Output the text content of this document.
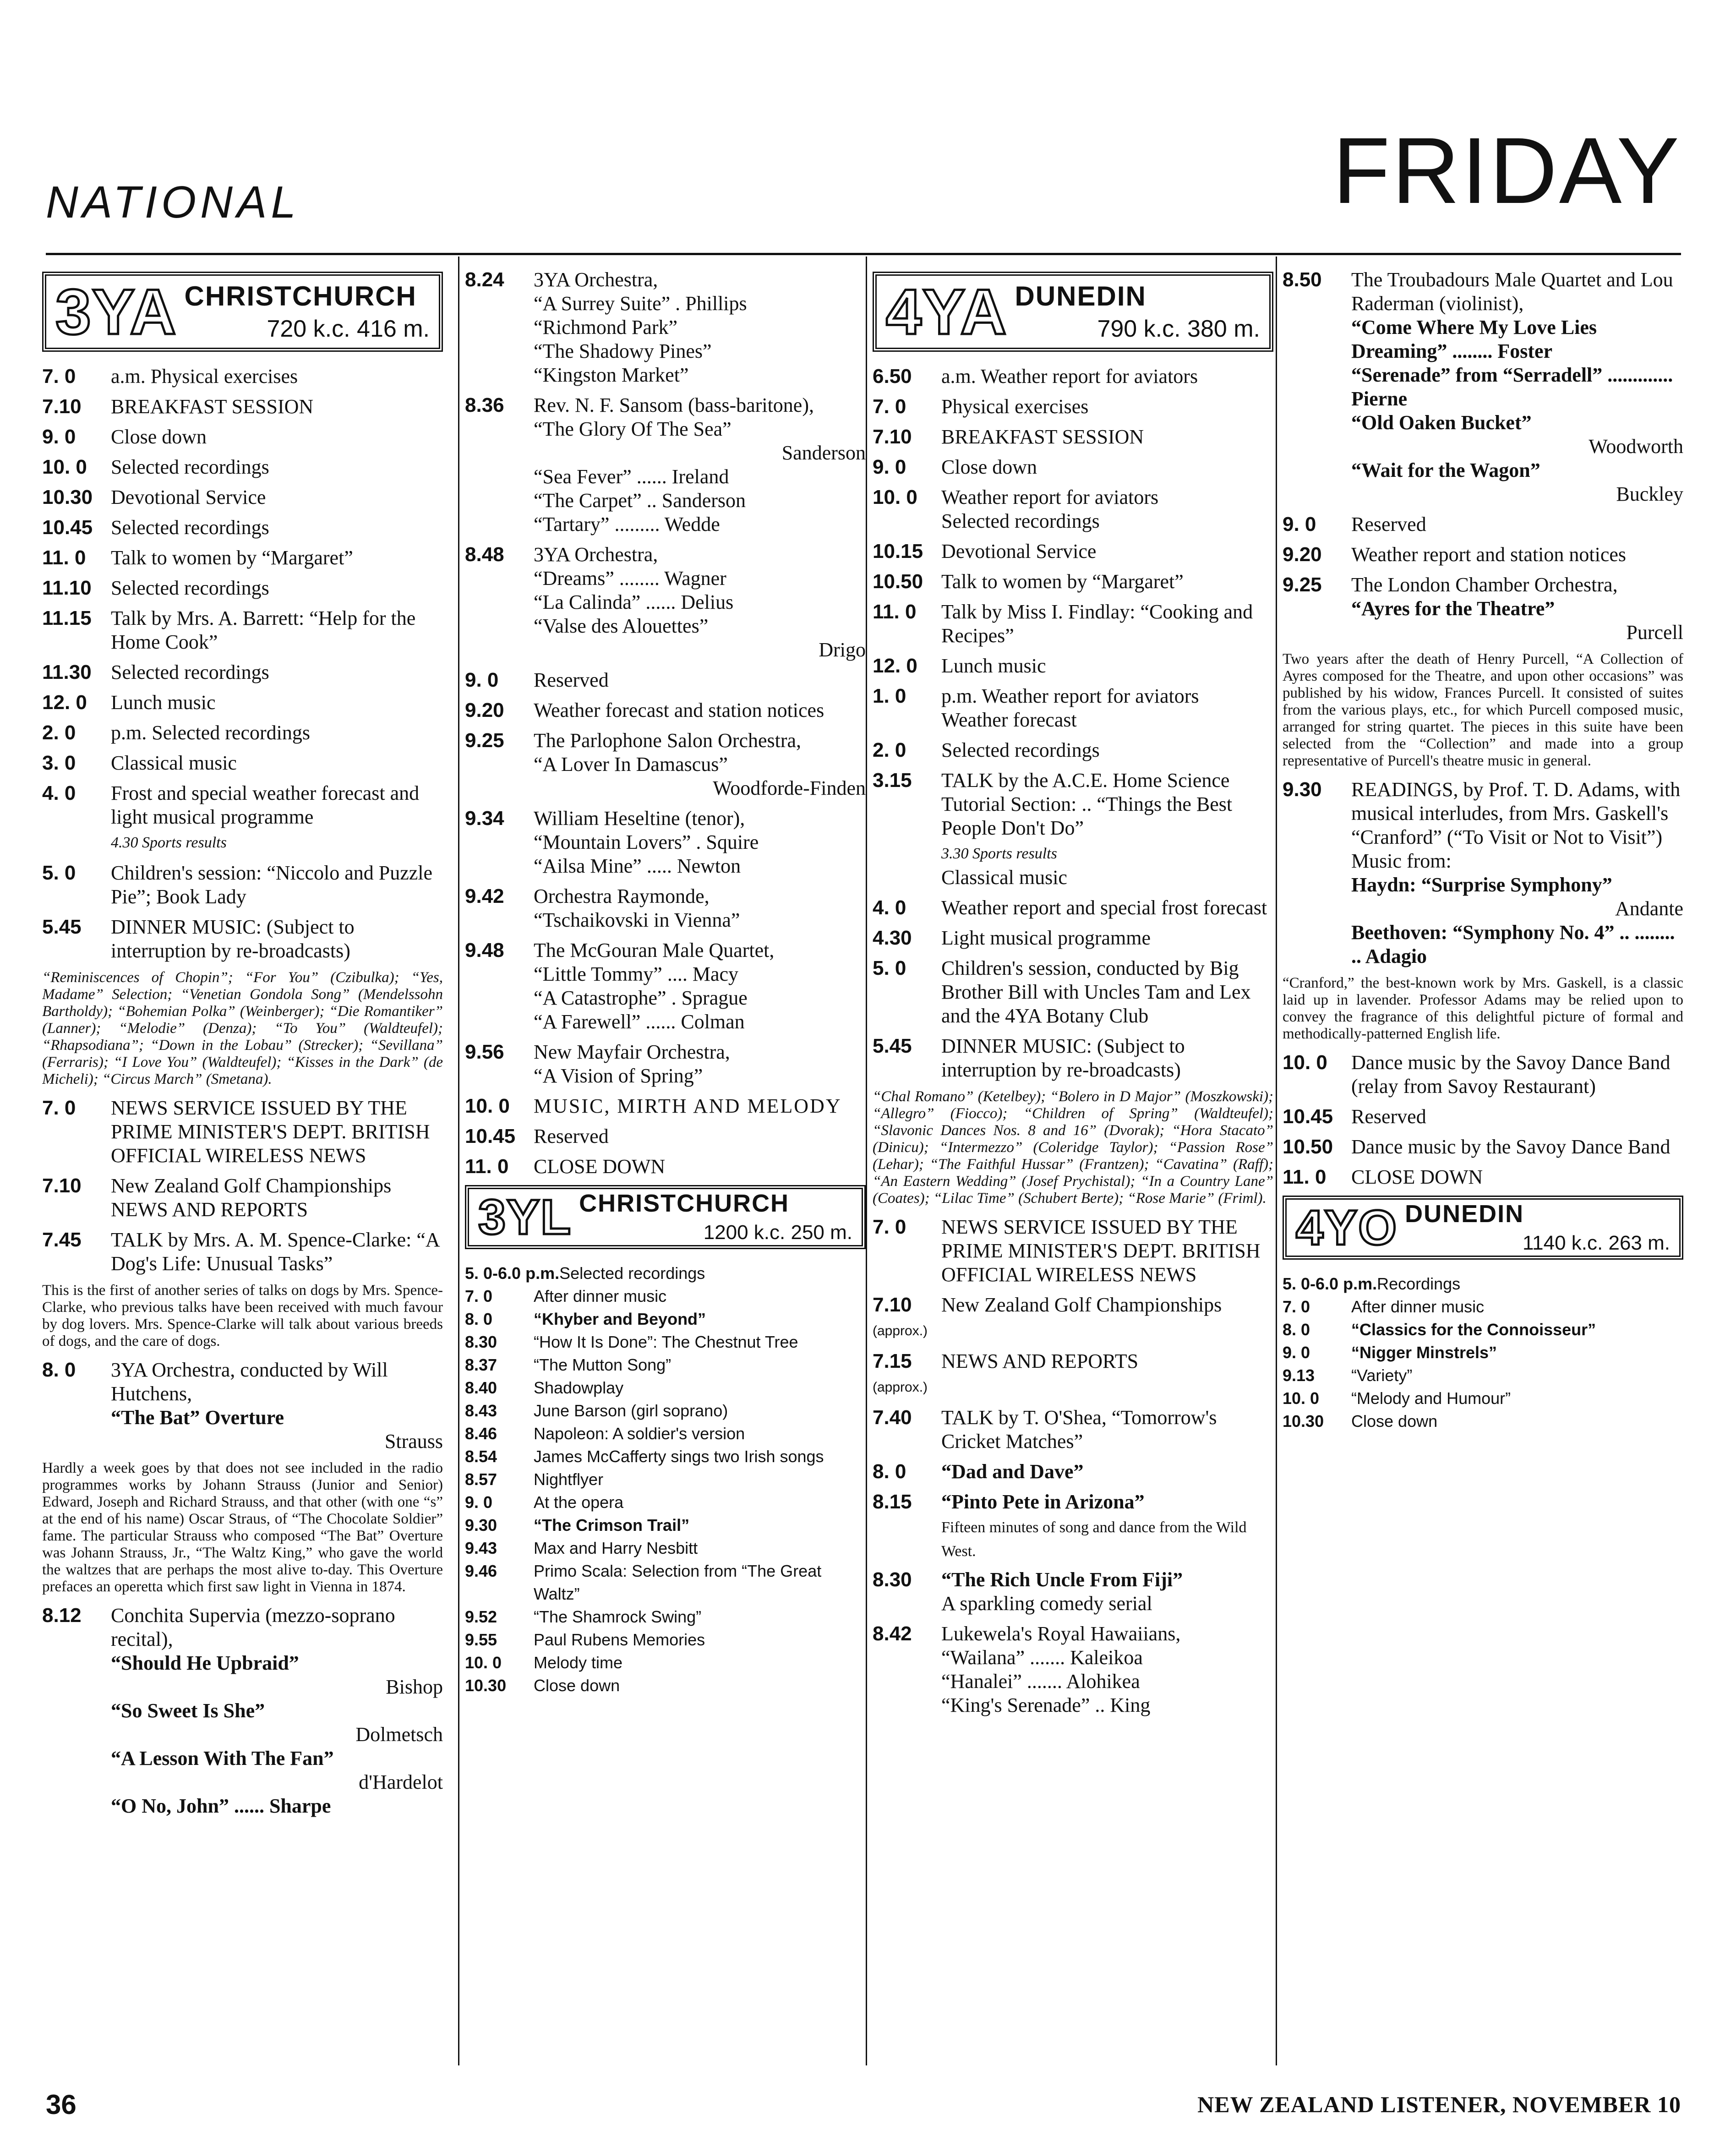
NATIONAL	FRIDAY
3YA CHRISTCHURCH
720 k.c. 416 m.
7. 0	a.m. Physical exercises
7.10	BREAKFAST SESSION
9. 0	Close down
10. 0	Selected recordings
10.30 Devotional Service
10.45 Selected recordings
11. 0	Talk to women by “Margaret”
11.10 Selected recordings
11.15 Talk by Mrs. A. Barrett: “Help for the Home Cook”
11.30 Selected recordings
12. 0	Lunch music
2. 0	p.m. Selected recordings
3. 0	Classical music
4. 0	Frost and special weather forecast and light musical programme
4.30 Sports results
5. 0	Children's session: “Niccolo and Puzzle Pie”; Book Lady
5.45	DINNER MUSIC: (Subject to interruption by re-broadcasts)

“Reminiscences of Chopin”; “For You” (Czibulka); “Yes, Madame” Selection; “Venetian Gondola Song” (Mendelssohn Bartholdy); “Bohemian Polka” (Weinberger); “Die Romantiker” (Lanner); “Melodie” (Denza); “To You” (Waldteufel); “Rhapsodiana”; “Down in the Lobau” (Strecker); “Sevillana” (Ferraris); “I Love You” (Waldteufel); “Kisses in the Dark” (de Micheli); “Circus March” (Smetana).

7. 0	NEWS SERVICE ISSUED BY THE PRIME MINISTER'S DEPT. BRITISH OFFICIAL WIRELESS NEWS
7.10	New Zealand Golf Championships
NEWS AND REPORTS
7.45	TALK by Mrs. A. M. Spence-Clarke: “A Dog's Life: Unusual Tasks”

This is the first of another series of talks on dogs by Mrs. Spence-Clarke, who previous talks have been received with much favour by dog lovers. Mrs. Spence-Clarke will talk about various breeds of dogs, and the care of dogs.

8. 0	3YA Orchestra, conducted by Will Hutchens,
“The Bat” Overture
Strauss

Hardly a week goes by that does not see included in the radio programmes works by Johann Strauss (Junior and Senior) Edward, Joseph and Richard Strauss, and that other (with one “s” at the end of his name) Oscar Straus, of “The Chocolate Soldier” fame. The particular Strauss who composed “The Bat” Overture was Johann Strauss, Jr., “The Waltz King,” who gave the world the waltzes that are perhaps the most alive to-day. This Overture prefaces an operetta which first saw light in Vienna in 1874.

8.12	Conchita Supervia (mezzo-soprano recital),
“Should He Upbraid”
Bishop
“So Sweet Is She”
Dolmetsch
“A Lesson With The Fan”
d'Hardelot
“O No, John” ...... Sharpe
8.24	3YA Orchestra,
“A Surrey Suite” . Phillips
“Richmond Park”
“The Shadowy Pines”
“Kingston Market”
8.36	Rev. N. F. Sansom (bass-baritone),
“The Glory Of The Sea”
Sanderson
“Sea Fever” ...... Ireland
“The Carpet” .. Sanderson
“Tartary” ......... Wedde
8.48	3YA Orchestra,
“Dreams” ........ Wagner
“La Calinda” ...... Delius
“Valse des Alouettes”
Drigo
9. 0	Reserved
9.20	Weather forecast and station notices
9.25	The Parlophone Salon Orchestra,
“A Lover In Damascus”
Woodforde-Finden
9.34	William Heseltine (tenor),
“Mountain Lovers” . Squire
“Ailsa Mine” ..... Newton
9.42	Orchestra Raymonde,
“Tschaikovski in Vienna”
9.48	The McGouran Male Quartet,
“Little Tommy” .... Macy
“A Catastrophe” . Sprague
“A Farewell” ...... Colman
9.56	New Mayfair Orchestra,
“A Vision of Spring”
10. 0	MUSIC, MIRTH AND MELODY
10.45 Reserved
11. 0	CLOSE DOWN
3YL CHRISTCHURCH
1200 k.c. 250 m.
5. 0-6.0 p.m. Selected recordings
7. 0	After dinner music
8. 0	“Khyber and Beyond”
8.30	“How It Is Done”: The Chestnut Tree
8.37	“The Mutton Song”
8.40	Shadowplay
8.43	June Barson (girl soprano)
8.46	Napoleon: A soldier's version
8.54	James McCafferty sings two Irish songs
8.57	Nightflyer
9. 0	At the opera
9.30	“The Crimson Trail”
9.43	Max and Harry Nesbitt
9.46	Primo Scala: Selection from “The Great Waltz”
9.52	“The Shamrock Swing”
9.55	Paul Rubens Memories
10. 0	Melody time
10.30	Close down
4YA DUNEDIN
790 k.c. 380 m.
6.50	a.m. Weather report for aviators
7. 0	Physical exercises
7.10	BREAKFAST SESSION
9. 0	Close down
10. 0	Weather report for aviators
Selected recordings
10.15 Devotional Service
10.50 Talk to women by “Margaret”
11. 0	Talk by Miss I. Findlay: “Cooking and Recipes”
12. 0	Lunch music
1. 0	p.m. Weather report for aviators
Weather forecast
2. 0	Selected recordings
3.15	TALK by the A.C.E. Home Science Tutorial Section: .. “Things the Best People Don't Do”
3.30 Sports results
Classical music
4. 0	Weather report and special frost forecast
4.30	Light musical programme
5. 0	Children's session, conducted by Big Brother Bill with Uncles Tam and Lex and the 4YA Botany Club
5.45	DINNER MUSIC: (Subject to interruption by re-broadcasts)

“Chal Romano” (Ketelbey); “Bolero in D Major” (Moszkowski); “Allegro” (Fiocco); “Children of Spring” (Waldteufel); “Slavonic Dances Nos. 8 and 16” (Dvorak); “Hora Stacato” (Dinicu); “Intermezzo” (Coleridge Taylor); “Passion Rose” (Lehar); “The Faithful Hussar” (Frantzen); “Cavatina” (Raff); “An Eastern Wedding” (Josef Prychistal); “In a Country Lane” (Coates); “Lilac Time” (Schubert Berte); “Rose Marie” (Friml).

7. 0	NEWS SERVICE ISSUED BY THE PRIME MINISTER'S DEPT. BRITISH OFFICIAL WIRELESS NEWS
7.10
(approx.)
New Zealand Golf Championships
7.15
(approx.)
NEWS AND REPORTS
7.40	TALK by T. O'Shea, “Tomorrow's Cricket Matches”
8. 0	“Dad and Dave”
8.15	“Pinto Pete in Arizona”
Fifteen minutes of song and dance from the Wild West.
8.30	“The Rich Uncle From Fiji”
A sparkling comedy serial
8.42	Lukewela's Royal Hawaiians,
“Wailana” ....... Kaleikoa
“Hanalei” ....... Alohikea
“King's Serenade” .. King
8.50	The Troubadours Male Quartet and Lou Raderman (violinist),
“Come Where My Love Lies Dreaming” ........ Foster
“Serenade” from “Serradell” ............. Pierne
“Old Oaken Bucket”
Woodworth
“Wait for the Wagon”
Buckley
9. 0	Reserved
9.20	Weather report and station notices
9.25	The London Chamber Orchestra,
“Ayres for the Theatre”
Purcell

Two years after the death of Henry Purcell, “A Collection of Ayres composed for the Theatre, and upon other occasions” was published by his widow, Frances Purcell. It consisted of suites from the various plays, etc., for which Purcell composed music, arranged for string quartet. The pieces in this suite have been selected from the “Collection” and made into a group representative of Purcell's theatre music in general.

9.30	READINGS, by Prof. T. D. Adams, with musical interludes, from Mrs. Gaskell's “Cranford” (“To Visit or Not to Visit”)
Music from:
Haydn: “Surprise Symphony”
Andante
Beethoven: “Symphony No. 4” .. ........ .. Adagio

“Cranford,” the best-known work by Mrs. Gaskell, is a classic laid up in lavender. Professor Adams may be relied upon to convey the fragrance of this delightful picture of formal and methodically-patterned English life.

10. 0	Dance music by the Savoy Dance Band (relay from Savoy Restaurant)
10.45 Reserved
10.50 Dance music by the Savoy Dance Band
11. 0	CLOSE DOWN
4YO DUNEDIN
1140 k.c. 263 m.
5. 0-6.0 p.m. Recordings
7. 0	After dinner music
8. 0	“Classics for the Connoisseur”
9. 0	“Nigger Minstrels”
9.13	“Variety”
10. 0	“Melody and Humour”
10.30	Close down
36	NEW ZEALAND LISTENER, NOVEMBER 10
